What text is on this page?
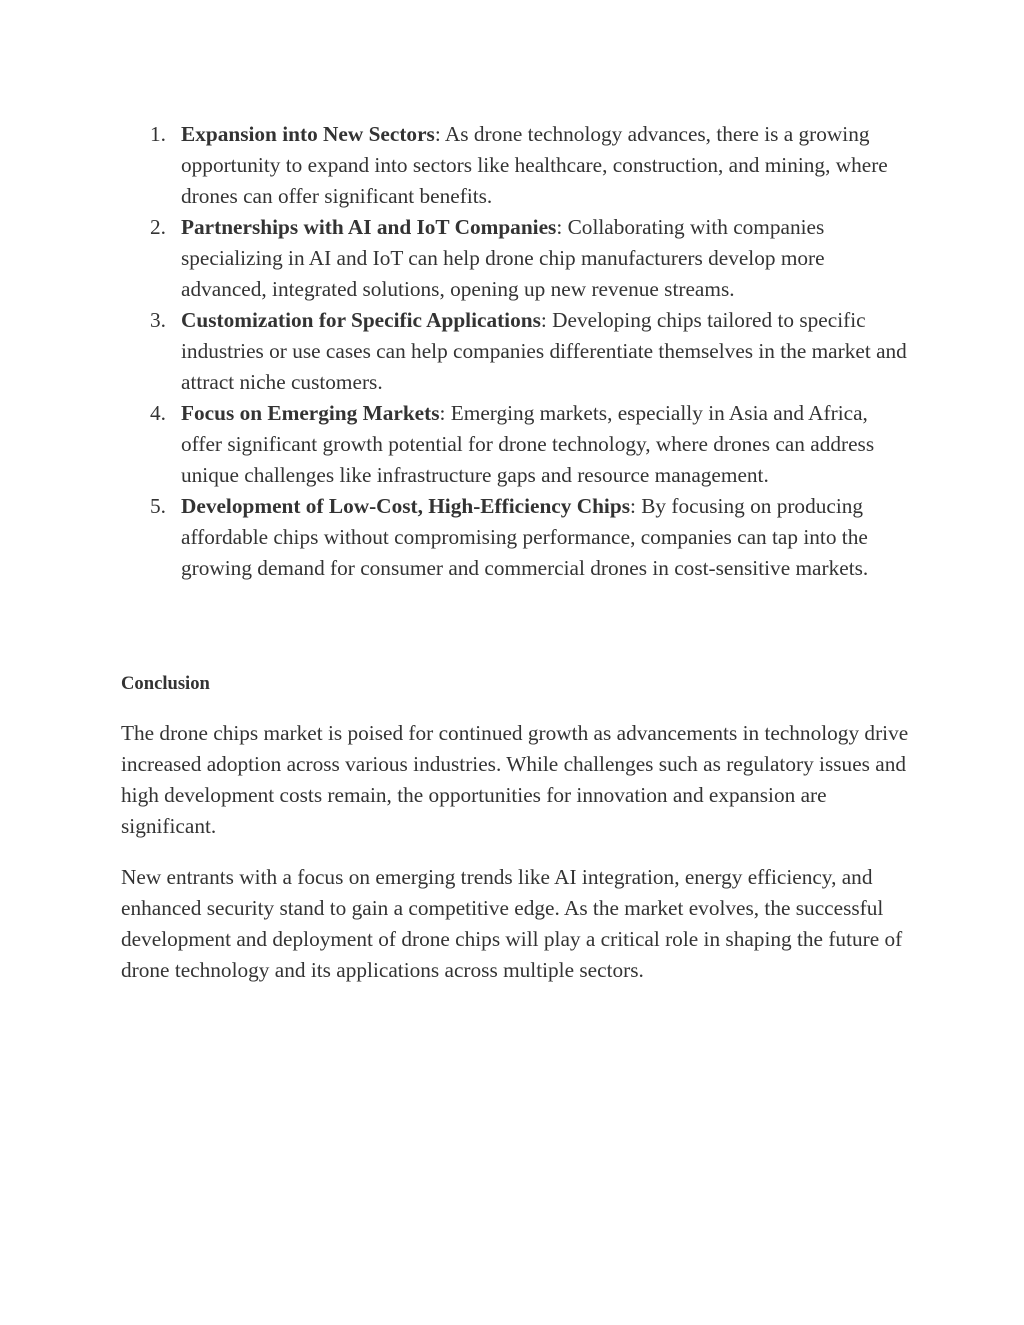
1. Expansion into New Sectors: As drone technology advances, there is a growing opportunity to expand into sectors like healthcare, construction, and mining, where drones can offer significant benefits.
2. Partnerships with AI and IoT Companies: Collaborating with companies specializing in AI and IoT can help drone chip manufacturers develop more advanced, integrated solutions, opening up new revenue streams.
3. Customization for Specific Applications: Developing chips tailored to specific industries or use cases can help companies differentiate themselves in the market and attract niche customers.
4. Focus on Emerging Markets: Emerging markets, especially in Asia and Africa, offer significant growth potential for drone technology, where drones can address unique challenges like infrastructure gaps and resource management.
5. Development of Low-Cost, High-Efficiency Chips: By focusing on producing affordable chips without compromising performance, companies can tap into the growing demand for consumer and commercial drones in cost-sensitive markets.
Conclusion

The drone chips market is poised for continued growth as advancements in technology drive increased adoption across various industries. While challenges such as regulatory issues and high development costs remain, the opportunities for innovation and expansion are significant.

New entrants with a focus on emerging trends like AI integration, energy efficiency, and enhanced security stand to gain a competitive edge. As the market evolves, the successful development and deployment of drone chips will play a critical role in shaping the future of drone technology and its applications across multiple sectors.
